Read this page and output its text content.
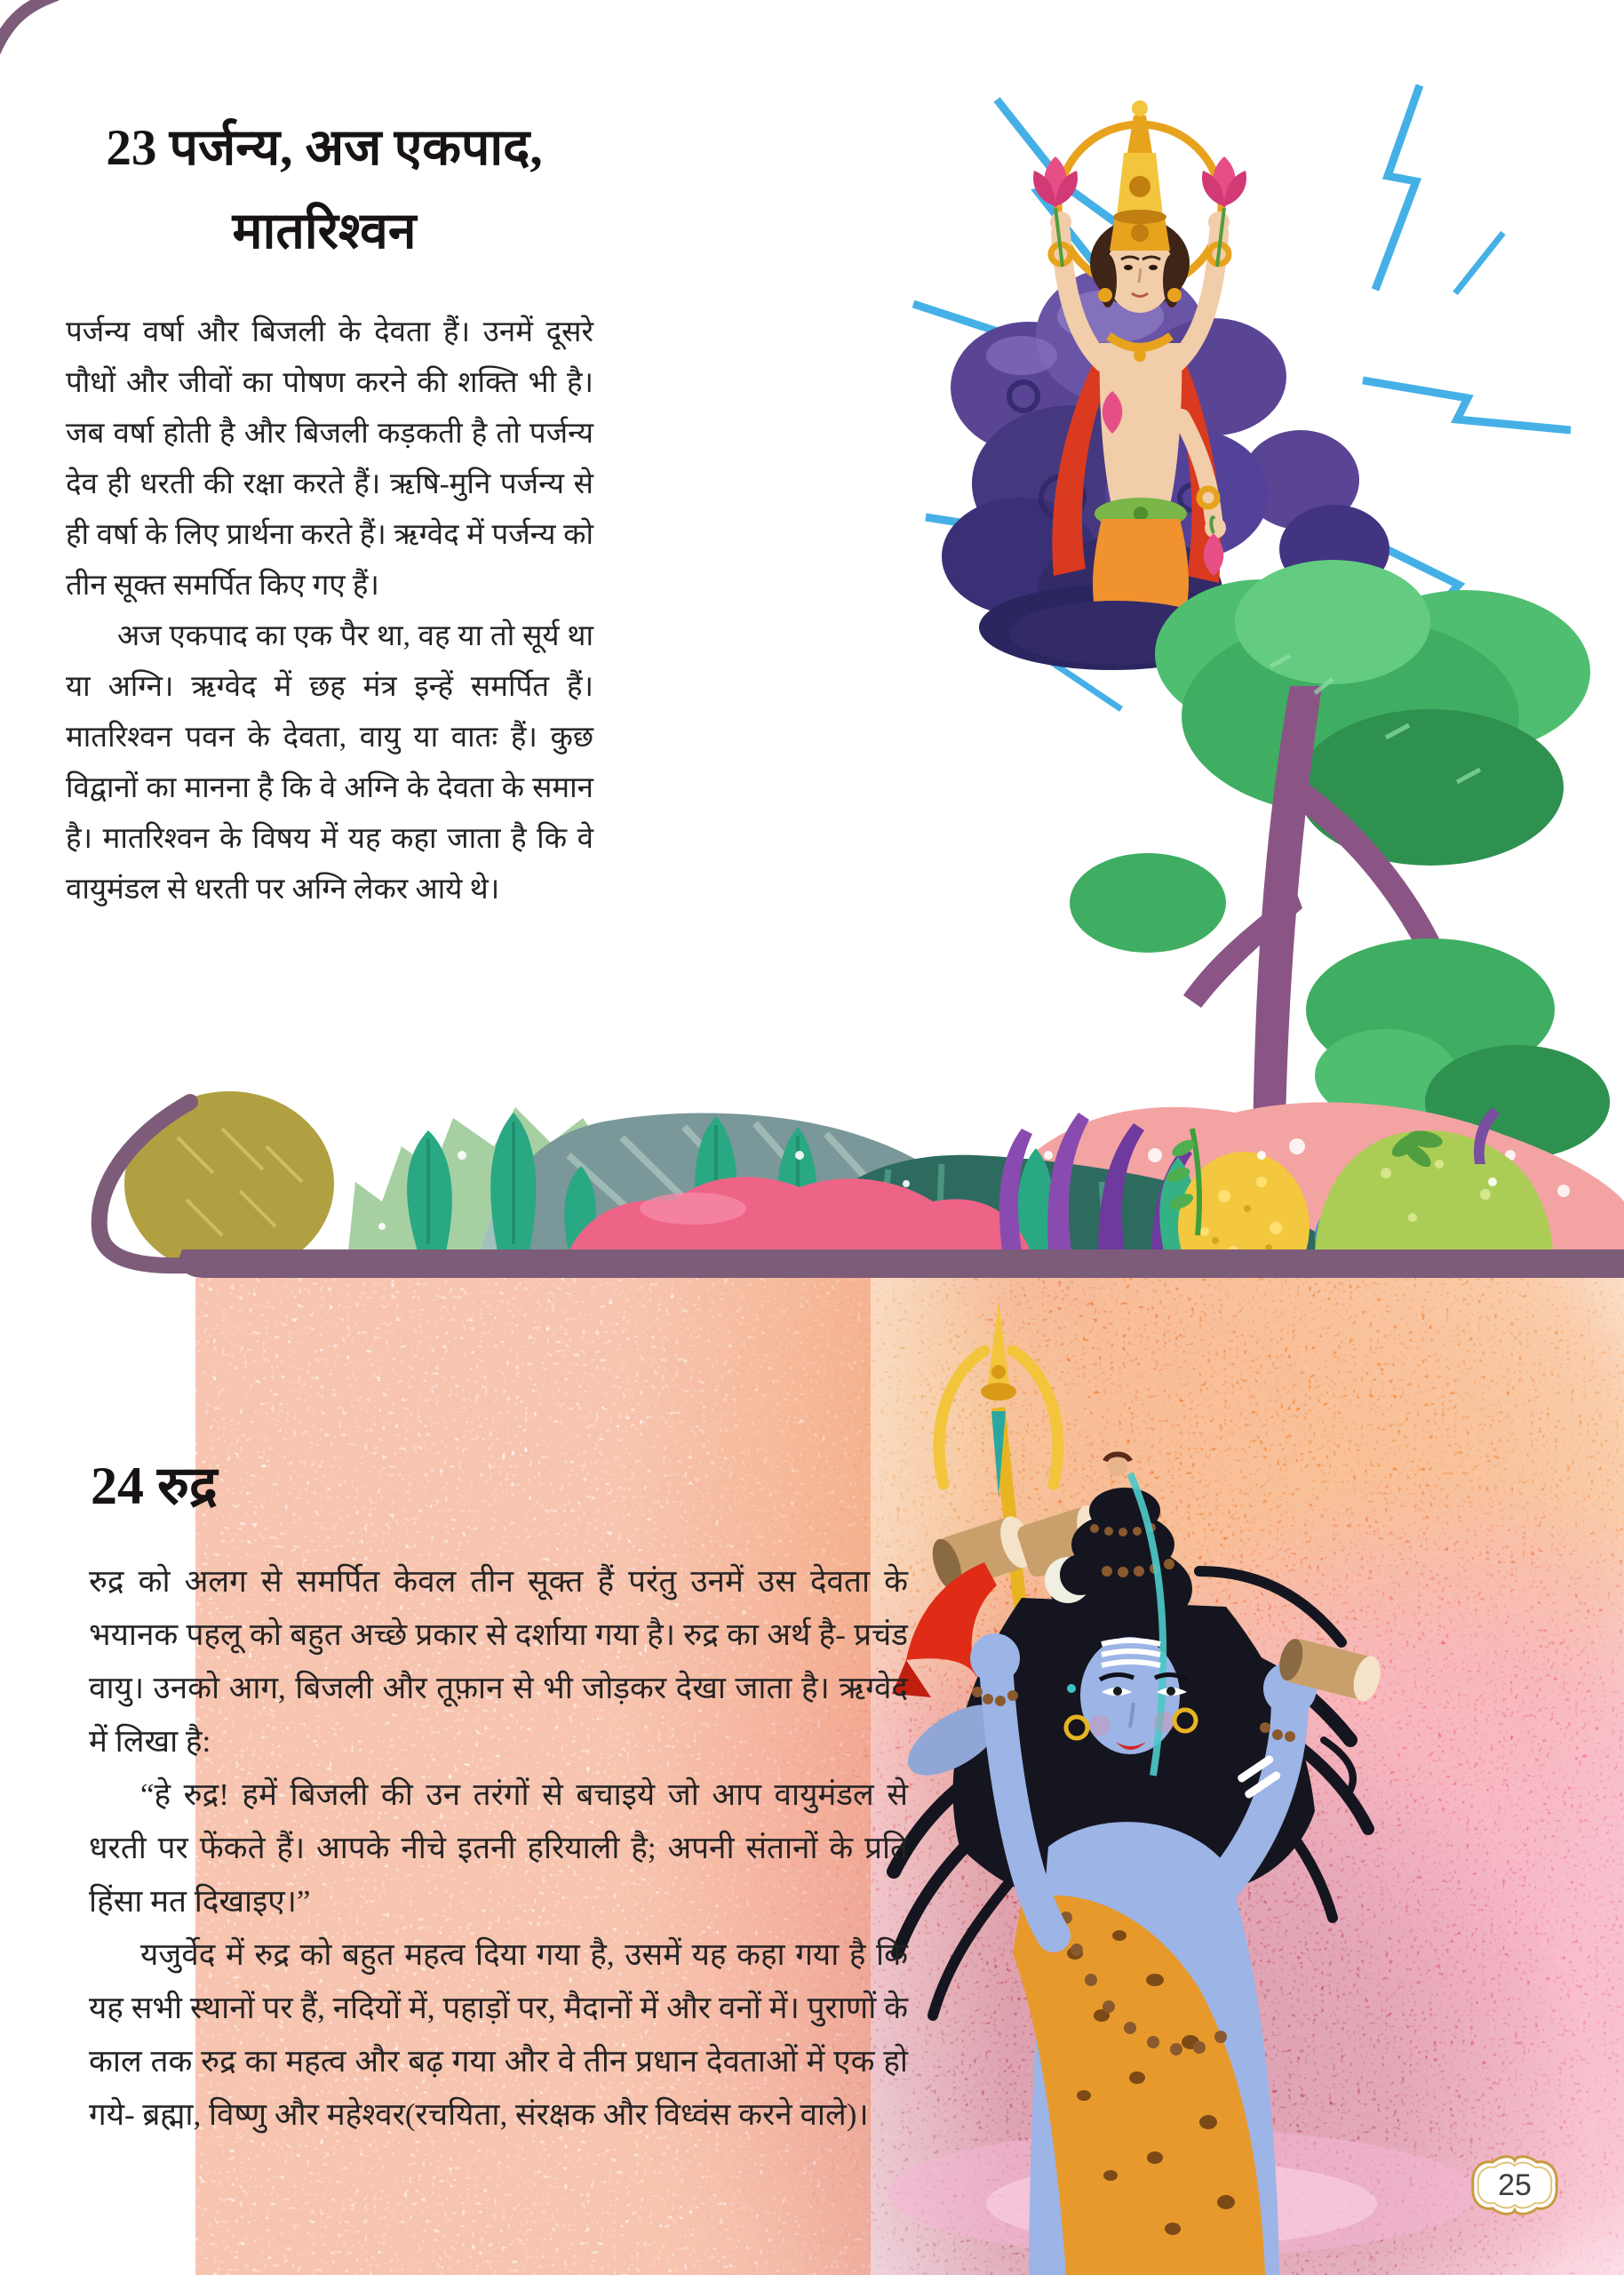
23 पर्जन्य, अज एकपाद,
मातरिश्वन

पर्जन्य वर्षा और बिजली के देवता हैं। उनमें दूसरे पौधों और जीवों का पोषण करने की शक्ति भी है। जब वर्षा होती है और बिजली कड़कती है तो पर्जन्य देव ही धरती की रक्षा करते हैं। ऋषि-मुनि पर्जन्य से ही वर्षा के लिए प्रार्थना करते हैं। ऋग्वेद में पर्जन्य को तीन सूक्त समर्पित किए गए हैं।

अज एकपाद का एक पैर था, वह या तो सूर्य था या अग्नि। ऋग्वेद में छह मंत्र इन्हें समर्पित हैं। मातरिश्वन पवन के देवता, वायु या वातः हैं। कुछ विद्वानों का मानना है कि वे अग्नि के देवता के समान है। मातरिश्वन के विषय में यह कहा जाता है कि वे वायुमंडल से धरती पर अग्नि लेकर आये थे।

24 रुद्र

रुद्र को अलग से समर्पित केवल तीन सूक्त हैं परंतु उनमें उस देवता के भयानक पहलू को बहुत अच्छे प्रकार से दर्शाया गया है। रुद्र का अर्थ है- प्रचंड वायु। उनको आग, बिजली और तूफ़ान से भी जोड़कर देखा जाता है। ऋग्वेद में लिखा है:

“हे रुद्र! हमें बिजली की उन तरंगों से बचाइये जो आप वायुमंडल से धरती पर फेंकते हैं। आपके नीचे इतनी हरियाली है; अपनी संतानों के प्रति हिंसा मत दिखाइए।”

यजुर्वेद में रुद्र को बहुत महत्व दिया गया है, उसमें यह कहा गया है कि यह सभी स्थानों पर हैं, नदियों में, पहाड़ों पर, मैदानों में और वनों में। पुराणों के काल तक रुद्र का महत्व और बढ़ गया और वे तीन प्रधान देवताओं में एक हो गये- ब्रह्मा, विष्णु और महेश्वर(रचयिता, संरक्षक और विध्वंस करने वाले)।

25
